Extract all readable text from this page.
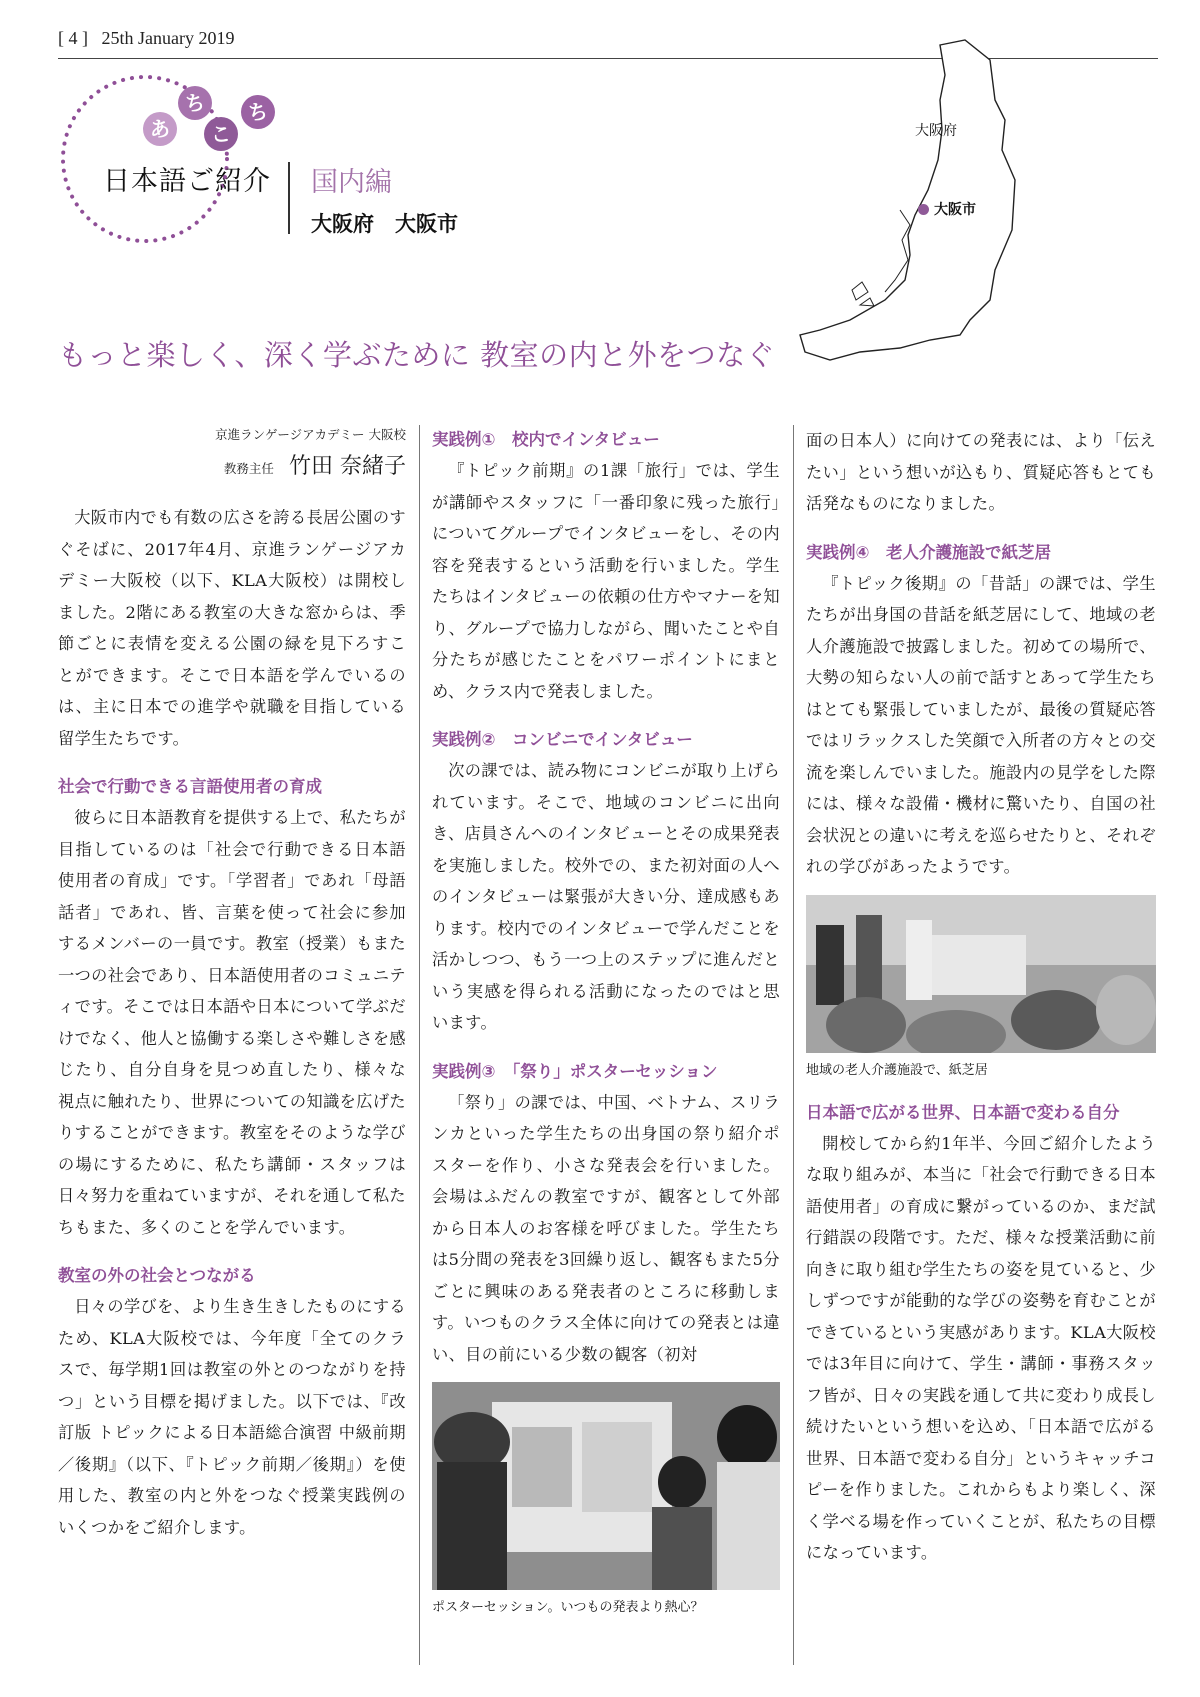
[ 4 ] 25th January 2019
あ
ち
こ
ち
日本語ご紹介 国内編
大阪府　大阪市
大阪府
大阪市
もっと楽しく、深く学ぶために 教室の内と外をつなぐ
京進ランゲージアカデミー 大阪校
教務主任 竹田 奈緒子

大阪市内でも有数の広さを誇る長居公園のすぐそばに、2017年4月、京進ランゲージアカデミー大阪校（以下、KLA大阪校）は開校しました。2階にある教室の大きな窓からは、季節ごとに表情を変える公園の緑を見下ろすことができます。そこで日本語を学んでいるのは、主に日本での進学や就職を目指している留学生たちです。

社会で行動できる言語使用者の育成

彼らに日本語教育を提供する上で、私たちが目指しているのは「社会で行動できる日本語使用者の育成」です。「学習者」であれ「母語話者」であれ、皆、言葉を使って社会に参加するメンバーの一員です。教室（授業）もまた一つの社会であり、日本語使用者のコミュニティです。そこでは日本語や日本について学ぶだけでなく、他人と協働する楽しさや難しさを感じたり、自分自身を見つめ直したり、様々な視点に触れたり、世界についての知識を広げたりすることができます。教室をそのような学びの場にするために、私たち講師・スタッフは日々努力を重ねていますが、それを通して私たちもまた、多くのことを学んでいます。

教室の外の社会とつながる

日々の学びを、より生き生きしたものにするため、KLA大阪校では、今年度「全てのクラスで、毎学期1回は教室の外とのつながりを持つ」という目標を掲げました。以下では、『改訂版 トピックによる日本語総合演習 中級前期／後期』（以下、『トピック前期／後期』）を使用した、教室の内と外をつなぐ授業実践例のいくつかをご紹介します。

実践例①　校内でインタビュー

『トピック前期』の1課「旅行」では、学生が講師やスタッフに「一番印象に残った旅行」についてグループでインタビューをし、その内容を発表するという活動を行いました。学生たちはインタビューの依頼の仕方やマナーを知り、グループで協力しながら、聞いたことや自分たちが感じたことをパワーポイントにまとめ、クラス内で発表しました。

実践例②　コンビニでインタビュー

次の課では、読み物にコンビニが取り上げられています。そこで、地域のコンビニに出向き、店員さんへのインタビューとその成果発表を実施しました。校外での、また初対面の人へのインタビューは緊張が大きい分、達成感もあります。校内でのインタビューで学んだことを活かしつつ、もう一つ上のステップに進んだという実感を得られる活動になったのではと思います。

実践例③　「祭り」ポスターセッション

「祭り」の課では、中国、ベトナム、スリランカといった学生たちの出身国の祭り紹介ポスターを作り、小さな発表会を行いました。会場はふだんの教室ですが、観客として外部から日本人のお客様を呼びました。学生たちは5分間の発表を3回繰り返し、観客もまた5分ごとに興味のある発表者のところに移動します。いつものクラス全体に向けての発表とは違い、目の前にいる少数の観客（初対

ポスターセッション。いつもの発表より熱心？

面の日本人）に向けての発表には、より「伝えたい」という想いが込もり、質疑応答もとても活発なものになりました。

実践例④　老人介護施設で紙芝居

『トピック後期』の「昔話」の課では、学生たちが出身国の昔話を紙芝居にして、地域の老人介護施設で披露しました。初めての場所で、大勢の知らない人の前で話すとあって学生たちはとても緊張していましたが、最後の質疑応答ではリラックスした笑顔で入所者の方々との交流を楽しんでいました。施設内の見学をした際には、様々な設備・機材に驚いたり、自国の社会状況との違いに考えを巡らせたりと、それぞれの学びがあったようです。

地域の老人介護施設で、紙芝居
日本語で広がる世界、日本語で変わる自分

開校してから約1年半、今回ご紹介したような取り組みが、本当に「社会で行動できる日本語使用者」の育成に繋がっているのか、まだ試行錯誤の段階です。ただ、様々な授業活動に前向きに取り組む学生たちの姿を見ていると、少しずつですが能動的な学びの姿勢を育むことができているという実感があります。KLA大阪校では3年目に向けて、学生・講師・事務スタッフ皆が、日々の実践を通して共に変わり成長し続けたいという想いを込め、「日本語で広がる世界、日本語で変わる自分」というキャッチコピーを作りました。これからもより楽しく、深く学べる場を作っていくことが、私たちの目標になっています。
